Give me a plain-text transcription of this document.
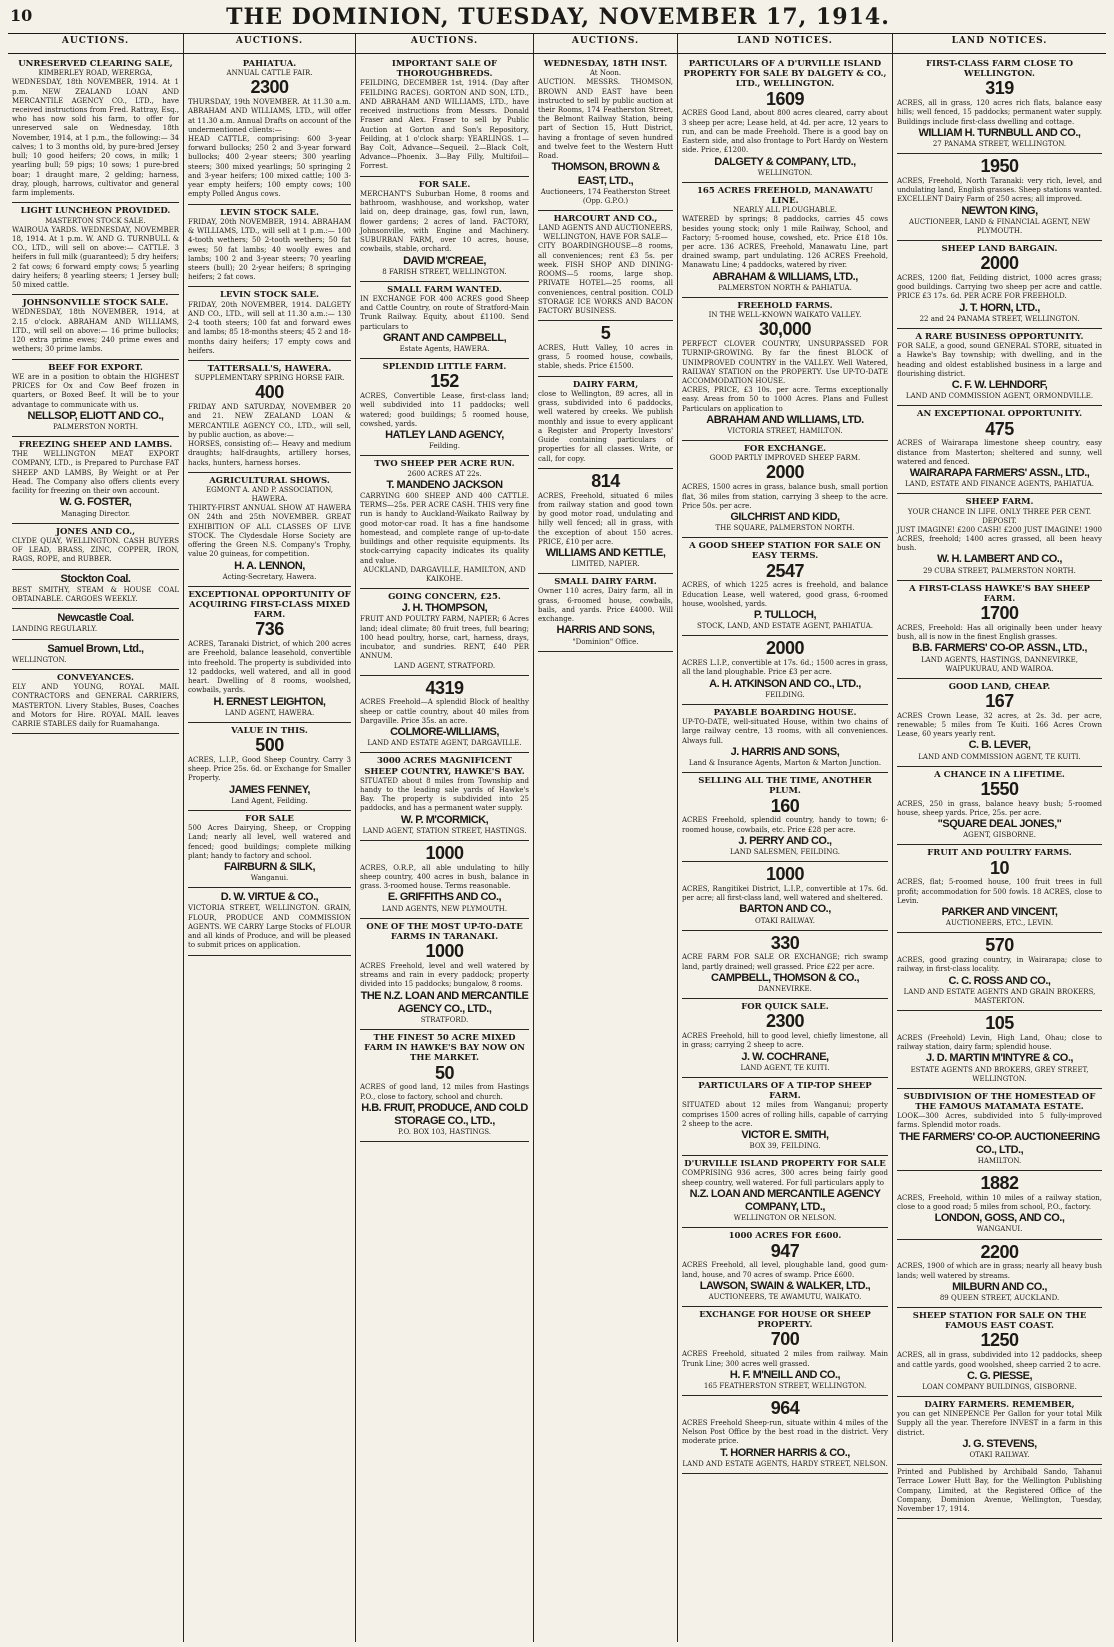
10	THE DOMINION, TUESDAY, NOVEMBER 17, 1914.
AUCTIONS.	AUCTIONS.	AUCTIONS.	AUCTIONS.	LAND NOTICES.	LAND NOTICES.
UNRESERVED CLEARING SALE,
KIMBERLEY ROAD, WERERGA,
WEDNESDAY, 18th NOVEMBER, 1914. At 1 p.m. NEW ZEALAND LOAN AND MERCANTILE AGENCY CO., LTD., have received instructions from Fred. Rattray, Esq., who has now sold his farm, to offer for unreserved sale on Wednesday, 18th November, 1914, at 1 p.m., the following:— 34 calves; 1 to 3 months old, by pure-bred Jersey bull; 10 good heifers; 20 cows, in milk; 1 yearling bull; 59 pigs; 10 sows; 1 pure-bred boar; 1 draught mare, 2 gelding; harness, dray, plough, harrows, cultivator and general farm implements.
LIGHT LUNCHEON PROVIDED.
MASTERTON STOCK SALE.
WAIROUA YARDS. WEDNESDAY, NOVEMBER 18, 1914. At 1 p.m. W. AND G. TURNBULL & CO., LTD., will sell on above:— CATTLE. 3 heifers in full milk (guaranteed); 5 dry heifers; 2 fat cows; 6 forward empty cows; 5 yearling dairy heifers; 8 yearling steers; 1 Jersey bull; 50 mixed cattle.
JOHNSONVILLE STOCK SALE.
WEDNESDAY, 18th NOVEMBER, 1914, at 2.15 o'clock. ABRAHAM AND WILLIAMS, LTD., will sell on above:— 16 prime bullocks; 120 extra prime ewes; 240 prime ewes and wethers; 30 prime lambs.
BEEF FOR EXPORT.
WE are in a position to obtain the HIGHEST PRICES for Ox and Cow Beef frozen in quarters, or Boxed Beef. It will be to your advantage to communicate with us.
NELLSOP, ELIOTT AND CO.,
PALMERSTON NORTH.
FREEZING SHEEP AND LAMBS.
THE WELLINGTON MEAT EXPORT COMPANY, LTD., is Prepared to Purchase FAT SHEEP AND LAMBS, By Weight or at Per Head. The Company also offers clients every facility for freezing on their own account.
W. G. FOSTER,
Managing Director.
JONES AND CO.,
CLYDE QUAY, WELLINGTON. CASH BUYERS OF LEAD, BRASS, ZINC, COPPER, IRON, RAGS, ROPE, and RUBBER.
Stockton Coal.
BEST SMITHY, STEAM & HOUSE COAL OBTAINABLE. CARGOES WEEKLY.
Newcastle Coal.
LANDING REGULARLY.
Samuel Brown, Ltd.,
WELLINGTON.
CONVEYANCES.
ELY AND YOUNG, ROYAL MAIL CONTRACTORS and GENERAL CARRIERS, MASTERTON. Livery Stables, Buses, Coaches and Motors for Hire. ROYAL MAIL leaves CARRIE STABLES daily for Ruamahanga.
PAHIATUA.
ANNUAL CATTLE FAIR.
2300
THURSDAY, 19th NOVEMBER. At 11.30 a.m. ABRAHAM AND WILLIAMS, LTD., will offer at 11.30 a.m. Annual Drafts on account of the undermentioned clients:—
HEAD CATTLE, comprising: 600 3-year forward bullocks; 250 2 and 3-year forward bullocks; 400 2-year steers; 300 yearling steers; 300 mixed yearlings; 50 springing 2 and 3-year heifers; 100 mixed cattle; 100 3-year empty heifers; 100 empty cows; 100 empty Polled Angus cows.
LEVIN STOCK SALE.
FRIDAY, 20th NOVEMBER, 1914. ABRAHAM & WILLIAMS, LTD., will sell at 1 p.m.:— 100 4-tooth wethers; 50 2-tooth wethers; 50 fat ewes; 50 fat lambs; 40 woolly ewes and lambs; 100 2 and 3-year steers; 70 yearling steers (bull); 20 2-year heifers; 8 springing heifers; 2 fat cows.
LEVIN STOCK SALE.
FRIDAY, 20th NOVEMBER, 1914. DALGETY AND CO., LTD., will sell at 11.30 a.m.:— 130 2-4 tooth steers; 100 fat and forward ewes and lambs; 85 18-months steers; 45 2 and 18-months dairy heifers; 17 empty cows and heifers.
TATTERSALL'S, HAWERA.
SUPPLEMENTARY SPRING HORSE FAIR.
400
FRIDAY AND SATURDAY, NOVEMBER 20 and 21. NEW ZEALAND LOAN & MERCANTILE AGENCY CO., LTD., will sell, by public auction, as above:—
HORSES, consisting of:— Heavy and medium draughts; half-draughts, artillery horses, hacks, hunters, harness horses.
AGRICULTURAL SHOWS.
EGMONT A. AND P. ASSOCIATION, HAWERA.
THIRTY-FIRST ANNUAL SHOW AT HAWERA ON 24th and 25th NOVEMBER. GREAT EXHIBITION OF ALL CLASSES OF LIVE STOCK. The Clydesdale Horse Society are offering the Green N.S. Company's Trophy, value 20 guineas, for competition.
H. A. LENNON,
Acting-Secretary, Hawera.
EXCEPTIONAL OPPORTUNITY OF ACQUIRING FIRST-CLASS MIXED FARM.
736
ACRES, Taranaki District, of which 200 acres are Freehold, balance leasehold, convertible into freehold. The property is subdivided into 12 paddocks, well watered, and all in good heart. Dwelling of 8 rooms, woolshed, cowbails, yards.
H. ERNEST LEIGHTON,
LAND AGENT, HAWERA.
VALUE IN THIS.
500
ACRES, L.I.P., Good Sheep Country. Carry 3 sheep. Price 25s. 6d. or Exchange for Smaller Property.
JAMES FENNEY,
Land Agent, Feilding.
FOR SALE
500 Acres Dairying, Sheep, or Cropping Land; nearly all level, well watered and fenced; good buildings; complete milking plant; handy to factory and school.
FAIRBURN & SILK,
Wanganui.
D. W. VIRTUE & CO.,
VICTORIA STREET, WELLINGTON. GRAIN, FLOUR, PRODUCE AND COMMISSION AGENTS. WE CARRY Large Stocks of FLOUR and all kinds of Produce, and will be pleased to submit prices on application.
IMPORTANT SALE OF THOROUGHBREDS.
FEILDING, DECEMBER 1st, 1914. (Day after FEILDING RACES). GORTON AND SON, LTD., AND ABRAHAM AND WILLIAMS, LTD., have received instructions from Messrs. Donald Fraser and Alex. Fraser to sell by Public Auction at Gorton and Son's Repository, Feilding, at 1 o'clock sharp: YEARLINGS. 1—Bay Colt, Advance—Sequeil. 2—Black Colt, Advance—Phoenix. 3—Bay Filly, Multifoil—Forrest.
FOR SALE.
MERCHANT'S Suburban Home, 8 rooms and bathroom, washhouse, and workshop, water laid on, deep drainage, gas, fowl run, lawn, flower gardens; 2 acres of land. FACTORY, Johnsonville, with Engine and Machinery. SUBURBAN FARM, over 10 acres, house, cowbails, stable, orchard.
DAVID M'CREAE,
8 FARISH STREET, WELLINGTON.
SMALL FARM WANTED.
IN EXCHANGE FOR 400 ACRES good Sheep and Cattle Country, on route of Stratford-Main Trunk Railway. Equity, about £1100. Send particulars to
GRANT AND CAMPBELL,
Estate Agents, HAWERA.
SPLENDID LITTLE FARM.
152
ACRES, Convertible Lease, first-class land; well subdivided into 11 paddocks; well watered; good buildings; 5 roomed house, cowshed, yards.
HATLEY LAND AGENCY,
Feilding.
TWO SHEEP PER ACRE RUN.
2600 ACRES AT 22s.
T. MANDENO JACKSON
CARRYING 600 SHEEP AND 400 CATTLE. TERMS—25s. PER ACRE CASH. THIS very fine run is handy to Auckland-Waikato Railway by good motor-car road. It has a fine handsome homestead, and complete range of up-to-date buildings and other requisite equipments. Its stock-carrying capacity indicates its quality and value.
AUCKLAND, DARGAVILLE, HAMILTON, AND KAIKOHE.
GOING CONCERN, £25.
J. H. THOMPSON,
FRUIT AND POULTRY FARM, NAPIER; 6 Acres land; ideal climate; 80 fruit trees, full bearing; 100 head poultry, horse, cart, harness, drays, incubator, and sundries. RENT, £40 PER ANNUM.
LAND AGENT, STRATFORD.
4319
ACRES Freehold—A splendid Block of healthy sheep or cattle country, about 40 miles from Dargaville. Price 35s. an acre.
COLMORE-WILLIAMS,
LAND AND ESTATE AGENT, DARGAVILLE.
3000 ACRES MAGNIFICENT SHEEP COUNTRY, HAWKE'S BAY.
SITUATED about 8 miles from Township and handy to the leading sale yards of Hawke's Bay. The property is subdivided into 25 paddocks, and has a permanent water supply.
W. P. M'CORMICK,
LAND AGENT, STATION STREET, HASTINGS.
1000
ACRES, O.R.P., all able undulating to hilly sheep country, 400 acres in bush, balance in grass. 3-roomed house. Terms reasonable.
E. GRIFFITHS AND CO.,
LAND AGENTS, NEW PLYMOUTH.
ONE OF THE MOST UP-TO-DATE FARMS IN TARANAKI.
1000
ACRES Freehold, level and well watered by streams and rain in every paddock; property divided into 15 paddocks; bungalow, 8 rooms.
THE N.Z. LOAN AND MERCANTILE AGENCY CO., LTD.,
STRATFORD.
THE FINEST 50 ACRE MIXED FARM IN HAWKE'S BAY NOW ON THE MARKET.
50
ACRES of good land, 12 miles from Hastings P.O., close to factory, school and church.
H.B. FRUIT, PRODUCE, AND COLD STORAGE CO., LTD.,
P.O. BOX 103, HASTINGS.
WEDNESDAY, 18TH INST.
At Noon.
AUCTION. MESSRS. THOMSON, BROWN AND EAST have been instructed to sell by public auction at their Rooms, 174 Featherston Street, the Belmont Railway Station, being part of Section 15, Hutt District, having a frontage of seven hundred and twelve feet to the Western Hutt Road.
THOMSON, BROWN & EAST, LTD.,
Auctioneers, 174 Featherston Street (Opp. G.P.O.)
HARCOURT AND CO.,
LAND AGENTS AND AUCTIONEERS, WELLINGTON, HAVE FOR SALE—
CITY BOARDINGHOUSE—8 rooms, all conveniences; rent £3 5s. per week. FISH SHOP AND DINING-ROOMS—5 rooms, large shop. PRIVATE HOTEL—25 rooms, all conveniences, central position. COLD STORAGE ICE WORKS AND BACON FACTORY BUSINESS.
5
ACRES, Hutt Valley, 10 acres in grass, 5 roomed house, cowbails, stable, sheds. Price £1500.
DAIRY FARM,
close to Wellington, 89 acres, all in grass, subdivided into 6 paddocks, well watered by creeks. We publish monthly and issue to every applicant a Register and Property Investors' Guide containing particulars of properties for all classes. Write, or call, for copy.
814
ACRES, Freehold, situated 6 miles from railway station and good town by good motor road, undulating and hilly well fenced; all in grass, with the exception of about 150 acres. PRICE, £10 per acre.
WILLIAMS AND KETTLE,
LIMITED, NAPIER.
SMALL DAIRY FARM.
Owner 110 acres, Dairy farm, all in grass, 6-roomed house, cowbails, bails, and yards. Price £4000. Will exchange.
HARRIS AND SONS,
"Dominion" Office.
PARTICULARS OF A D'URVILLE ISLAND PROPERTY FOR SALE BY DALGETY & CO., LTD., WELLINGTON.
1609
ACRES Good Land, about 800 acres cleared, carry about 3 sheep per acre; Lease held, at 4d. per acre, 12 years to run, and can be made Freehold. There is a good bay on Eastern side, and also frontage to Port Hardy on Western side. Price, £1200.
DALGETY & COMPANY, LTD.,
WELLINGTON.
165 ACRES FREEHOLD, MANAWATU LINE.
NEARLY ALL PLOUGHABLE.
WATERED by springs; 8 paddocks, carries 45 cows besides young stock; only 1 mile Railway, School, and Factory; 5-roomed house, cowshed, etc. Price £18 10s. per acre. 136 ACRES, Freehold, Manawatu Line, part drained swamp, part undulating. 126 ACRES Freehold, Manawatu Line; 4 paddocks, watered by river.
ABRAHAM & WILLIAMS, LTD.,
PALMERSTON NORTH & PAHIATUA.
FREEHOLD FARMS.
IN THE WELL-KNOWN WAIKATO VALLEY.
30,000
PERFECT CLOVER COUNTRY, UNSURPASSED FOR TURNIP-GROWING. By far the finest BLOCK of UNIMPROVED COUNTRY in the VALLEY. Well Watered, RAILWAY STATION on the PROPERTY. Use UP-TO-DATE ACCOMMODATION HOUSE.
ACRES, PRICE, £3 10s. per acre. Terms exceptionally easy. Areas from 50 to 1000 Acres. Plans and Fullest Particulars on application to
ABRAHAM AND WILLIAMS, LTD.
VICTORIA STREET, HAMILTON.
FOR EXCHANGE.
GOOD PARTLY IMPROVED SHEEP FARM.
2000
ACRES, 1500 acres in grass, balance bush, small portion flat, 36 miles from station, carrying 3 sheep to the acre. Price 50s. per acre.
GILCHRIST AND KIDD,
THE SQUARE, PALMERSTON NORTH.
A GOOD SHEEP STATION FOR SALE ON EASY TERMS.
2547
ACRES, of which 1225 acres is freehold, and balance Education Lease, well watered, good grass, 6-roomed house, woolshed, yards.
P. TULLOCH,
STOCK, LAND, AND ESTATE AGENT, PAHIATUA.
2000
ACRES L.I.P., convertible at 17s. 6d.; 1500 acres in grass, all the land ploughable. Price £3 per acre.
A. H. ATKINSON AND CO., LTD.,
FEILDING.
PAYABLE BOARDING HOUSE.
UP-TO-DATE, well-situated House, within two chains of large railway centre, 13 rooms, with all conveniences. Always full.
J. HARRIS AND SONS,
Land & Insurance Agents, Marton & Marton Junction.
SELLING ALL THE TIME, ANOTHER PLUM.
160
ACRES Freehold, splendid country, handy to town; 6-roomed house, cowbails, etc. Price £28 per acre.
J. PERRY AND CO.,
LAND SALESMEN, FEILDING.
1000
ACRES, Rangitikei District, L.I.P., convertible at 17s. 6d. per acre; all first-class land, well watered and sheltered.
BARTON AND CO.,
OTAKI RAILWAY.
330
ACRE FARM FOR SALE OR EXCHANGE; rich swamp land, partly drained; well grassed. Price £22 per acre.
CAMPBELL, THOMSON & CO.,
DANNEVIRKE.
FOR QUICK SALE.
2300
ACRES Freehold, hill to good level, chiefly limestone, all in grass; carrying 2 sheep to acre.
J. W. COCHRANE,
LAND AGENT, TE KUITI.
PARTICULARS OF A TIP-TOP SHEEP FARM.
SITUATED about 12 miles from Wanganui; property comprises 1500 acres of rolling hills, capable of carrying 2 sheep to the acre.
VICTOR E. SMITH,
BOX 39, FEILDING.
D'URVILLE ISLAND PROPERTY FOR SALE
COMPRISING 936 acres, 300 acres being fairly good sheep country, well watered. For full particulars apply to
N.Z. LOAN AND MERCANTILE AGENCY COMPANY, LTD.,
WELLINGTON OR NELSON.
1000 ACRES FOR £600.
947
ACRES Freehold, all level, ploughable land, good gum-land, house, and 70 acres of swamp. Price £600.
LAWSON, SWAIN & WALKER, LTD.,
AUCTIONEERS, TE AWAMUTU, WAIKATO.
EXCHANGE FOR HOUSE OR SHEEP PROPERTY.
700
ACRES Freehold, situated 2 miles from railway. Main Trunk Line; 300 acres well grassed.
H. F. M'NEILL AND CO.,
165 FEATHERSTON STREET, WELLINGTON.
964
ACRES Freehold Sheep-run, situate within 4 miles of the Nelson Post Office by the best road in the district. Very moderate price.
T. HORNER HARRIS & CO.,
LAND AND ESTATE AGENTS, HARDY STREET, NELSON.
FIRST-CLASS FARM CLOSE TO WELLINGTON.
319
ACRES, all in grass, 120 acres rich flats, balance easy hills; well fenced, 15 paddocks; permanent water supply. Buildings include first-class dwelling and cottage.
WILLIAM H. TURNBULL AND CO.,
27 PANAMA STREET, WELLINGTON.
1950
ACRES, Freehold, North Taranaki: very rich, level, and undulating land, English grasses. Sheep stations wanted. EXCELLENT Dairy Farm of 250 acres; all improved.
NEWTON KING,
AUCTIONEER, LAND & FINANCIAL AGENT, NEW PLYMOUTH.
SHEEP LAND BARGAIN.
2000
ACRES, 1200 flat, Feilding district, 1000 acres grass; good buildings. Carrying two sheep per acre and cattle. PRICE £3 17s. 6d. PER ACRE FOR FREEHOLD.
J. T. HORN, LTD.,
22 and 24 PANAMA STREET, WELLINGTON.
A RARE BUSINESS OPPORTUNITY.
FOR SALE, a good, sound GENERAL STORE, situated in a Hawke's Bay township; with dwelling, and in the heading and oldest established business in a large and flourishing district.
C. F. W. LEHNDORF,
LAND AND COMMISSION AGENT, ORMONDVILLE.
AN EXCEPTIONAL OPPORTUNITY.
475
ACRES of Wairarapa limestone sheep country, easy distance from Masterton; sheltered and sunny, well watered and fenced.
WAIRARAPA FARMERS' ASSN., LTD.,
LAND, ESTATE AND FINANCE AGENTS, PAHIATUA.
SHEEP FARM.
YOUR CHANCE IN LIFE. ONLY THREE PER CENT. DEPOSIT.
JUST IMAGINE! £200 CASH! £200 JUST IMAGINE! 1900 ACRES, freehold; 1400 acres grassed, all been heavy bush.
W. H. LAMBERT AND CO.,
29 CUBA STREET, PALMERSTON NORTH.
A FIRST-CLASS HAWKE'S BAY SHEEP FARM.
1700
ACRES, Freehold: Has all originally been under heavy bush, all is now in the finest English grasses.
B.B. FARMERS' CO-OP. ASSN., LTD.,
LAND AGENTS, HASTINGS, DANNEVIRKE, WAIPUKURAU, AND WAIROA.
GOOD LAND, CHEAP.
167
ACRES Crown Lease, 32 acres, at 2s. 3d. per acre, renewable; 5 miles from Te Kuiti. 166 Acres Crown Lease, 60 years yearly rent.
C. B. LEVER,
LAND AND COMMISSION AGENT, TE KUITI.
A CHANCE IN A LIFETIME.
1550
ACRES, 250 in grass, balance heavy bush; 5-roomed house, sheep yards. Price, 25s. per acre.
"SQUARE DEAL JONES,"
AGENT, GISBORNE.
FRUIT AND POULTRY FARMS.
10
ACRES, flat; 5-roomed house, 100 fruit trees in full profit; accommodation for 500 fowls. 18 ACRES, close to Levin.
PARKER AND VINCENT,
AUCTIONEERS, ETC., LEVIN.
570
ACRES, good grazing country, in Wairarapa; close to railway, in first-class locality.
C. C. ROSS AND CO.,
LAND AND ESTATE AGENTS AND GRAIN BROKERS, MASTERTON.
105
ACRES (Freehold) Levin, High Land, Ohau; close to railway station, dairy farm; splendid house.
J. D. MARTIN M'INTYRE & CO.,
ESTATE AGENTS AND BROKERS, GREY STREET, WELLINGTON.
SUBDIVISION OF THE HOMESTEAD OF THE FAMOUS MATAMATA ESTATE.
LOOK—300 Acres, subdivided into 5 fully-improved farms. Splendid motor roads.
THE FARMERS' CO-OP. AUCTIONEERING CO., LTD.,
HAMILTON.
1882
ACRES, Freehold, within 10 miles of a railway station, close to a good road; 5 miles from school, P.O., factory.
LONDON, GOSS, AND CO.,
WANGANUI.
2200
ACRES, 1900 of which are in grass; nearly all heavy bush lands; well watered by streams.
MILBURN AND CO.,
89 QUEEN STREET, AUCKLAND.
SHEEP STATION FOR SALE ON THE FAMOUS EAST COAST.
1250
ACRES, all in grass, subdivided into 12 paddocks, sheep and cattle yards, good woolshed, sheep carried 2 to acre.
C. G. PIESSE,
LOAN COMPANY BUILDINGS, GISBORNE.
DAIRY FARMERS. REMEMBER,
you can get NINEPENCE Per Gallon for your total Milk Supply all the year. Therefore INVEST in a farm in this district.
J. G. STEVENS,
OTAKI RAILWAY.
Printed and Published by Archibald Sando, Tahanui Terrace Lower Hutt Bay, for the Wellington Publishing Company, Limited, at the Registered Office of the Company, Dominion Avenue, Wellington, Tuesday, November 17, 1914.
